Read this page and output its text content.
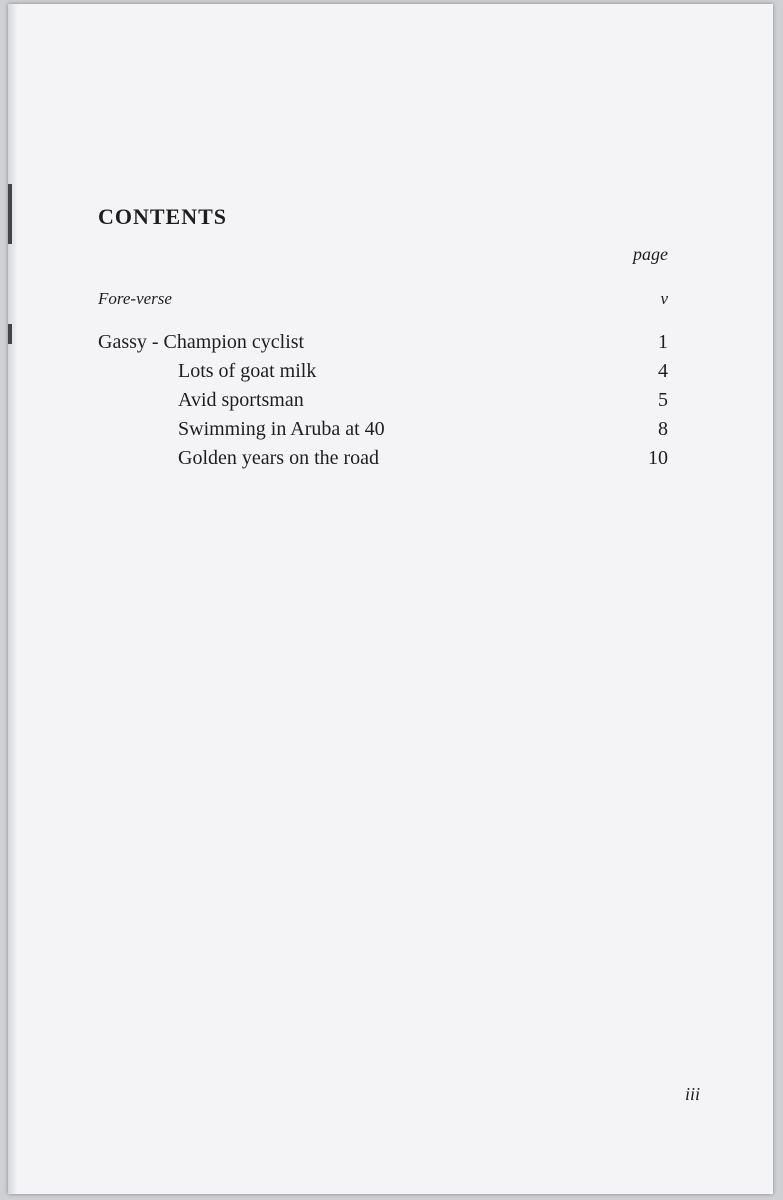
CONTENTS
page
Fore-verse	v
Gassy - Champion cyclist	1
Lots of goat milk	4
Avid sportsman	5
Swimming in Aruba at 40	8
Golden years on the road	10
iii
